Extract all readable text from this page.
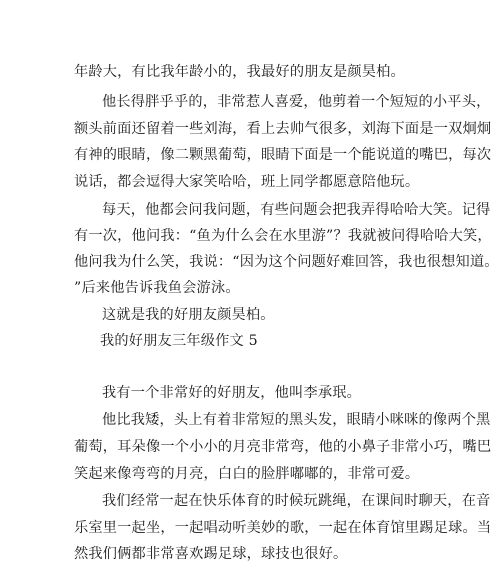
年龄大，有比我年龄小的，我最好的朋友是颜昊柏。
他长得胖乎乎的，非常惹人喜爱，他剪着一个短短的小平头，
额头前面还留着一些刘海，看上去帅气很多，刘海下面是一双炯炯
有神的眼睛，像二颗黑葡萄，眼睛下面是一个能说道的嘴巴，每次
说话，都会逗得大家笑哈哈，班上同学都愿意陪他玩。
每天，他都会问我问题，有些问题会把我弄得哈哈大笑。记得
有一次，他问我：“鱼为什么会在水里游”？我就被问得哈哈大笑，
他问我为什么笑，我说：“因为这个问题好难回答，我也很想知道。
”后来他告诉我鱼会游泳。
这就是我的好朋友颜昊柏。
我的好朋友三年级作文 5
我有一个非常好的好朋友，他叫李承珉。
他比我矮，头上有着非常短的黑头发，眼睛小咪咪的像两个黑
葡萄，耳朵像一个小小的月亮非常弯，他的小鼻子非常小巧，嘴巴
笑起来像弯弯的月亮，白白的脸胖嘟嘟的，非常可爱。
我们经常一起在快乐体育的时候玩跳绳，在课间时聊天，在音
乐室里一起坐，一起唱动听美妙的歌，一起在体育馆里踢足球。当
然我们俩都非常喜欢踢足球，球技也很好。
